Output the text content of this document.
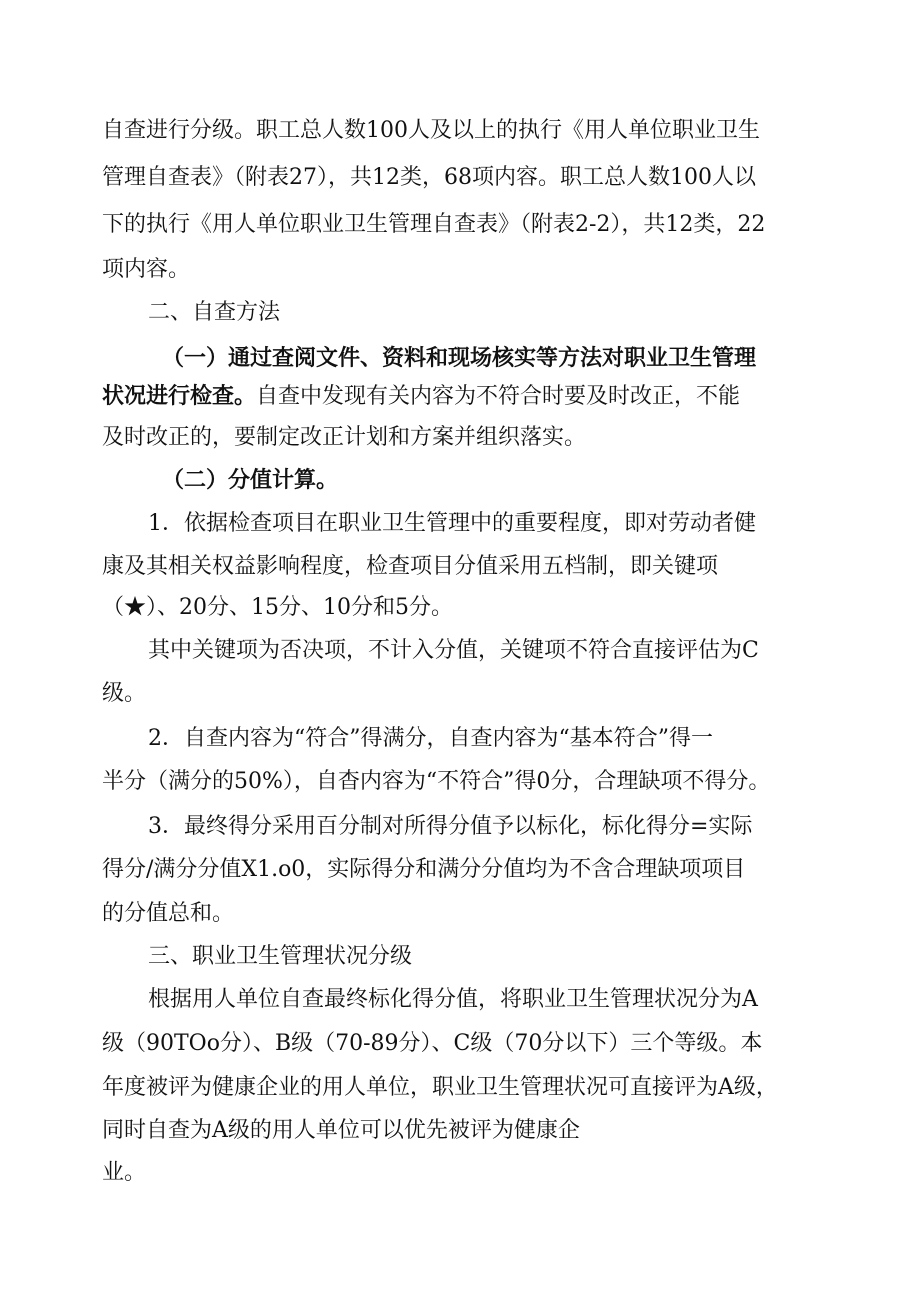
自查进行分级。职工总人数100人及以上的执行《用人单位职业卫生
管理自查表》（附表27），共12类，68项内容。职工总人数100人以
下的执行《用人单位职业卫生管理自查表》（附表2-2），共12类，22
项内容。
二、自查方法
（一）通过查阅文件、资料和现场核实等方法对职业卫生管理
状况进行检查。自查中发现有关内容为不符合时要及时改正，不能
及时改正的，要制定改正计划和方案并组织落实。
（二）分值计算。
1．依据检查项目在职业卫生管理中的重要程度，即对劳动者健
康及其相关权益影响程度，检查项目分值采用五档制，即关键项
（★）、20分、15分、10分和5分。
其中关键项为否决项，不计入分值，关键项不符合直接评估为C
级。
2．自查内容为“符合”得满分，自查内容为“基本符合”得一
半分（满分的50%），自杳内容为“不符合”得0分，合理缺项不得分。
3．最终得分采用百分制对所得分值予以标化，标化得分=实际
得分/满分分值X1.o0，实际得分和满分分值均为不含合理缺项项目
的分值总和。
三、职业卫生管理状况分级
根据用人单位自查最终标化得分值，将职业卫生管理状况分为A
级（90TOo分）、B级（70-89分）、C级（70分以下）三个等级。本
年度被评为健康企业的用人单位，职业卫生管理状况可直接评为A级，
同时自查为A级的用人单位可以优先被评为健康企
业。
